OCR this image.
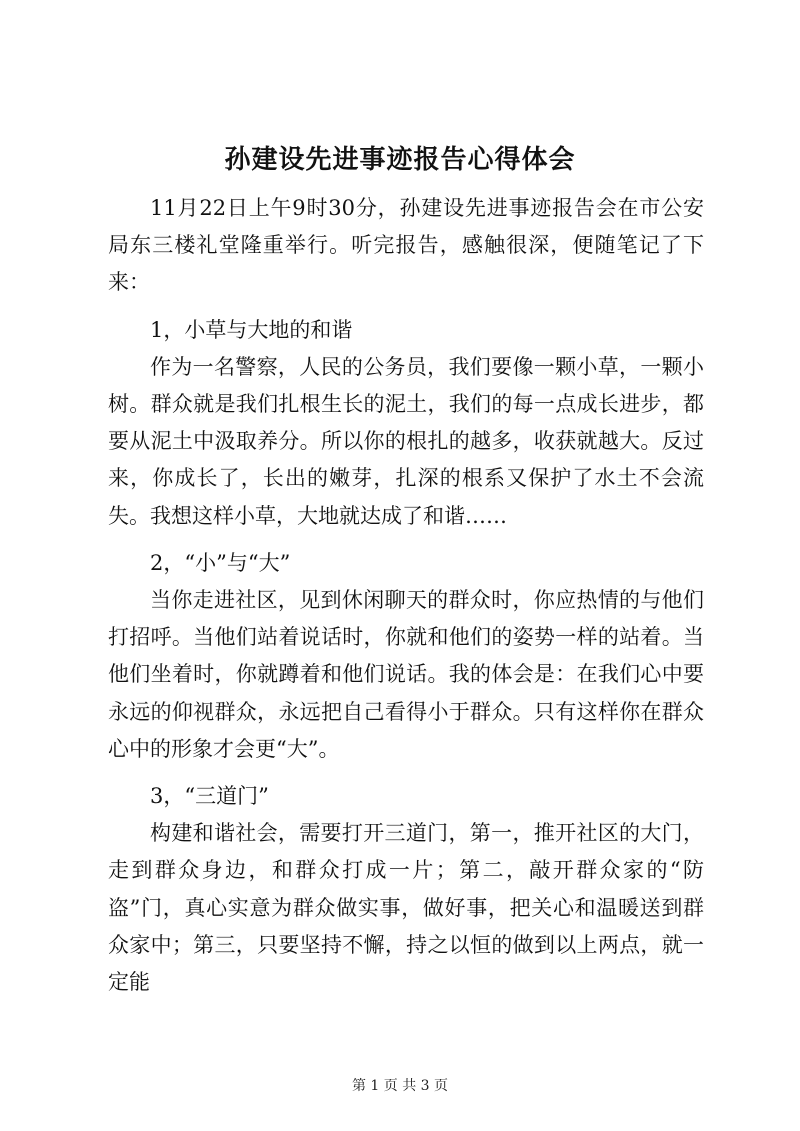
孙建设先进事迹报告心得体会

11月22日上午9时30分，孙建设先进事迹报告会在市公安局东三楼礼堂隆重举行。听完报告，感触很深，便随笔记了下来：

1，小草与大地的和谐

作为一名警察，人民的公务员，我们要像一颗小草，一颗小树。群众就是我们扎根生长的泥土，我们的每一点成长进步，都要从泥土中汲取养分。所以你的根扎的越多，收获就越大。反过来，你成长了，长出的嫩芽，扎深的根系又保护了水土不会流失。我想这样小草，大地就达成了和谐……

2，“小”与“大”

当你走进社区，见到休闲聊天的群众时，你应热情的与他们打招呼。当他们站着说话时，你就和他们的姿势一样的站着。当他们坐着时，你就蹲着和他们说话。我的体会是：在我们心中要永远的仰视群众，永远把自己看得小于群众。只有这样你在群众心中的形象才会更“大”。

3，“三道门”

构建和谐社会，需要打开三道门，第一，推开社区的大门，走到群众身边，和群众打成一片；第二，敲开群众家的“防盗”门，真心实意为群众做实事，做好事，把关心和温暖送到群众家中；第三，只要坚持不懈，持之以恒的做到以上两点，就一定能

第 1 页 共 3 页
